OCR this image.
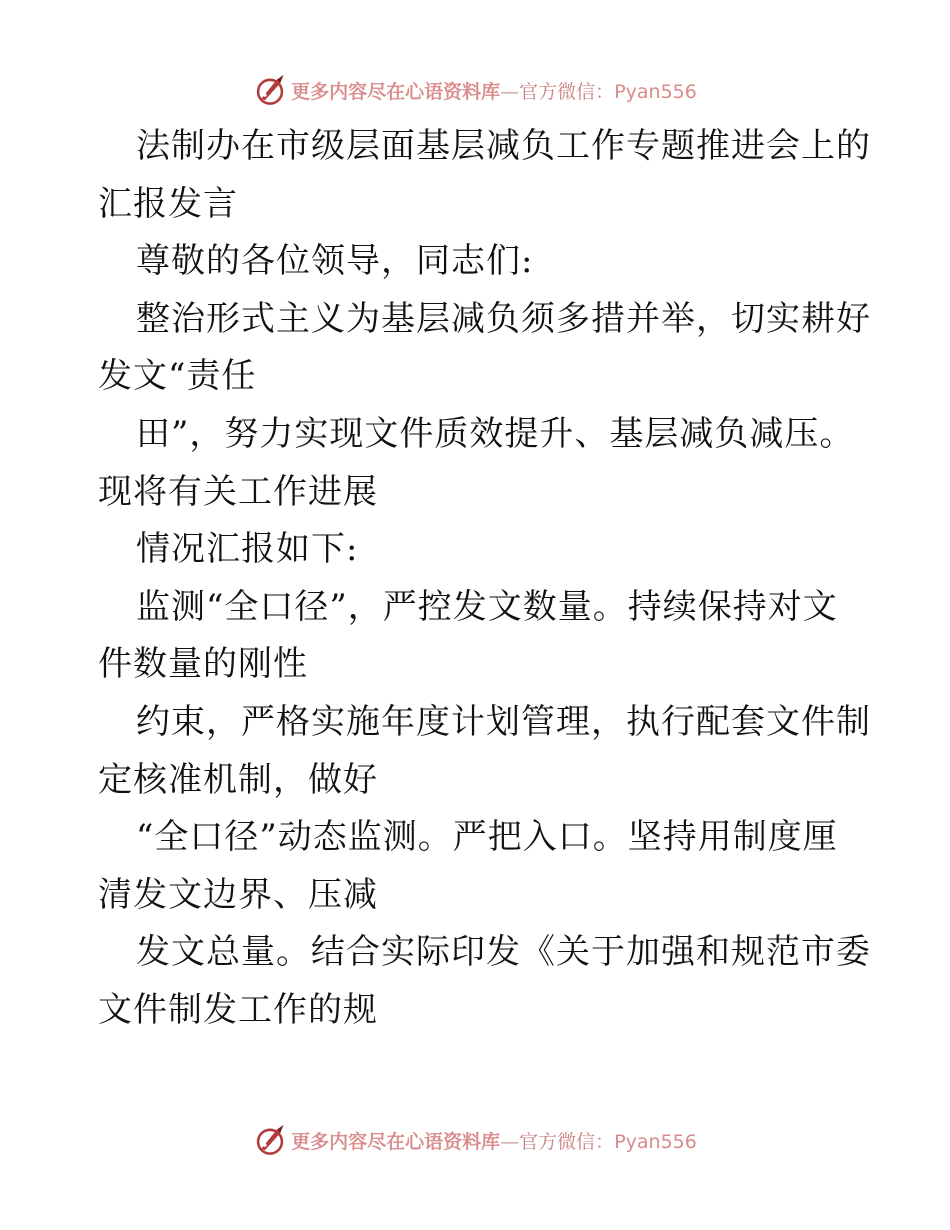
更多内容尽在心语资料库—官方微信：Pyan556
法制办在市级层面基层减负工作专题推进会上的
汇报发言
尊敬的各位领导，同志们:
整治形式主义为基层减负须多措并举，切实耕好
发文“责任
田”，努力实现文件质效提升、基层减负减压。
现将有关工作进展
情况汇报如下:
监测“全口径”，严控发文数量。持续保持对文
件数量的刚性
约束，严格实施年度计划管理，执行配套文件制
定核准机制，做好
“全口径”动态监测。严把入口。坚持用制度厘
清发文边界、压减
发文总量。结合实际印发《关于加强和规范市委
文件制发工作的规
更多内容尽在心语资料库—官方微信：Pyan556
